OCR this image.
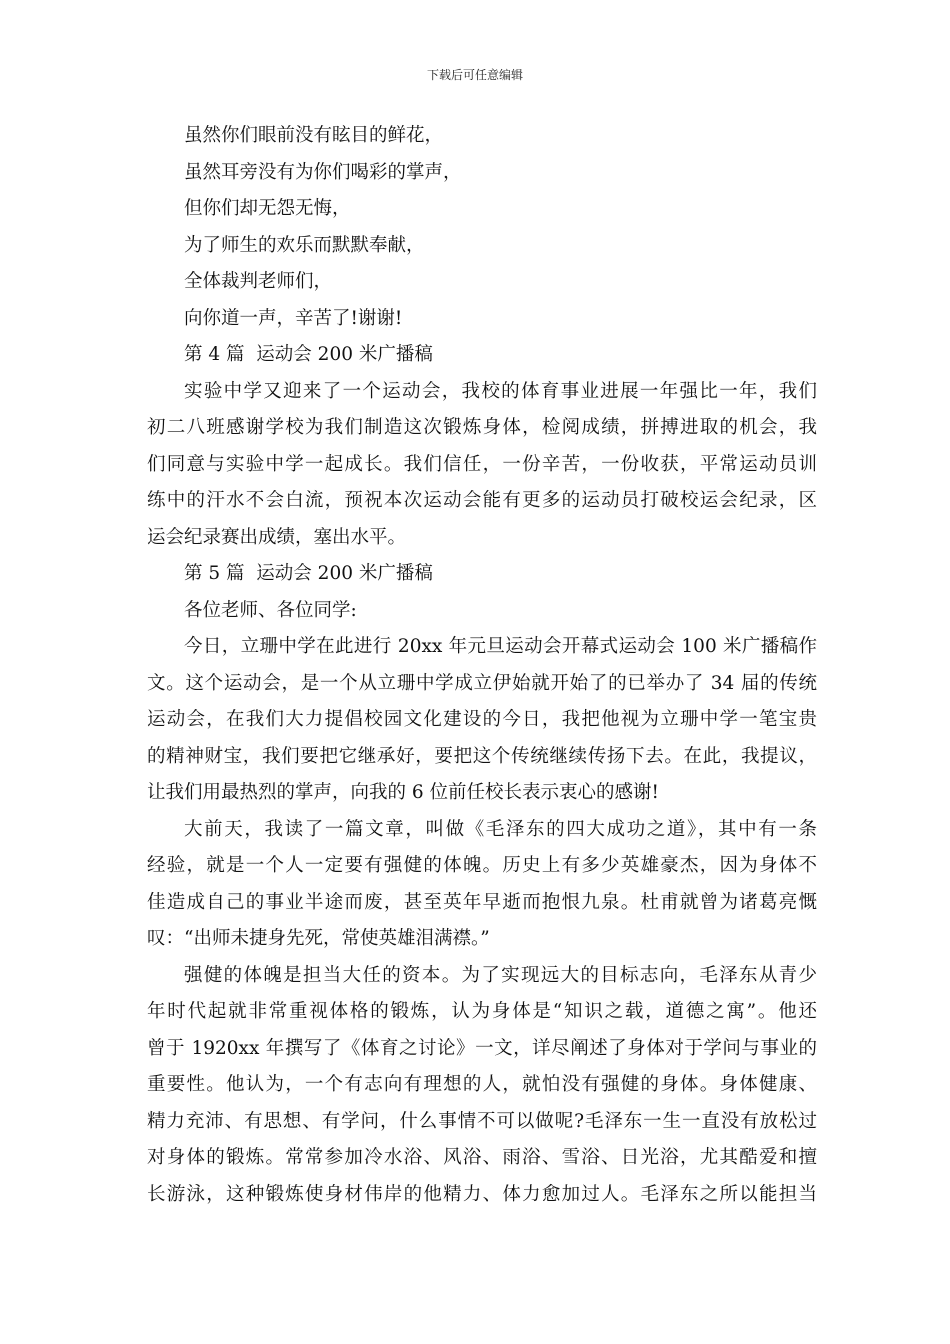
下载后可任意编辑
虽然你们眼前没有眩目的鲜花，
虽然耳旁没有为你们喝彩的掌声，
但你们却无怨无悔，
为了师生的欢乐而默默奉献，
全体裁判老师们，
向你道一声，辛苦了!谢谢!
第 4 篇  运动会 200 米广播稿
实验中学又迎来了一个运动会，我校的体育事业进展一年强比一年，我们
初二八班感谢学校为我们制造这次锻炼身体，检阅成绩，拼搏进取的机会，我
们同意与实验中学一起成长。我们信任，一份辛苦，一份收获，平常运动员训
练中的汗水不会白流，预祝本次运动会能有更多的运动员打破校运会纪录，区
运会纪录赛出成绩，塞出水平。
第 5 篇  运动会 200 米广播稿
各位老师、各位同学:
今日，立珊中学在此进行 20xx 年元旦运动会开幕式运动会 100 米广播稿作
文。这个运动会，是一个从立珊中学成立伊始就开始了的已举办了 34 届的传统
运动会，在我们大力提倡校园文化建设的今日，我把他视为立珊中学一笔宝贵
的精神财宝，我们要把它继承好，要把这个传统继续传扬下去。在此，我提议，
让我们用最热烈的掌声，向我的 6 位前任校长表示衷心的感谢!
大前天，我读了一篇文章，叫做《毛泽东的四大成功之道》，其中有一条
经验，就是一个人一定要有强健的体魄。历史上有多少英雄豪杰，因为身体不
佳造成自己的事业半途而废，甚至英年早逝而抱恨九泉。杜甫就曾为诸葛亮慨
叹：“出师未捷身先死，常使英雄泪满襟。”
强健的体魄是担当大任的资本。为了实现远大的目标志向，毛泽东从青少
年时代起就非常重视体格的锻炼，认为身体是“知识之载，道德之寓”。他还
曾于 1920xx 年撰写了《体育之讨论》一文，详尽阐述了身体对于学问与事业的
重要性。他认为，一个有志向有理想的人，就怕没有强健的身体。身体健康、
精力充沛、有思想、有学问，什么事情不可以做呢?毛泽东一生一直没有放松过
对身体的锻炼。常常参加冷水浴、风浴、雨浴、雪浴、日光浴，尤其酷爱和擅
长游泳，这种锻炼使身材伟岸的他精力、体力愈加过人。毛泽东之所以能担当
